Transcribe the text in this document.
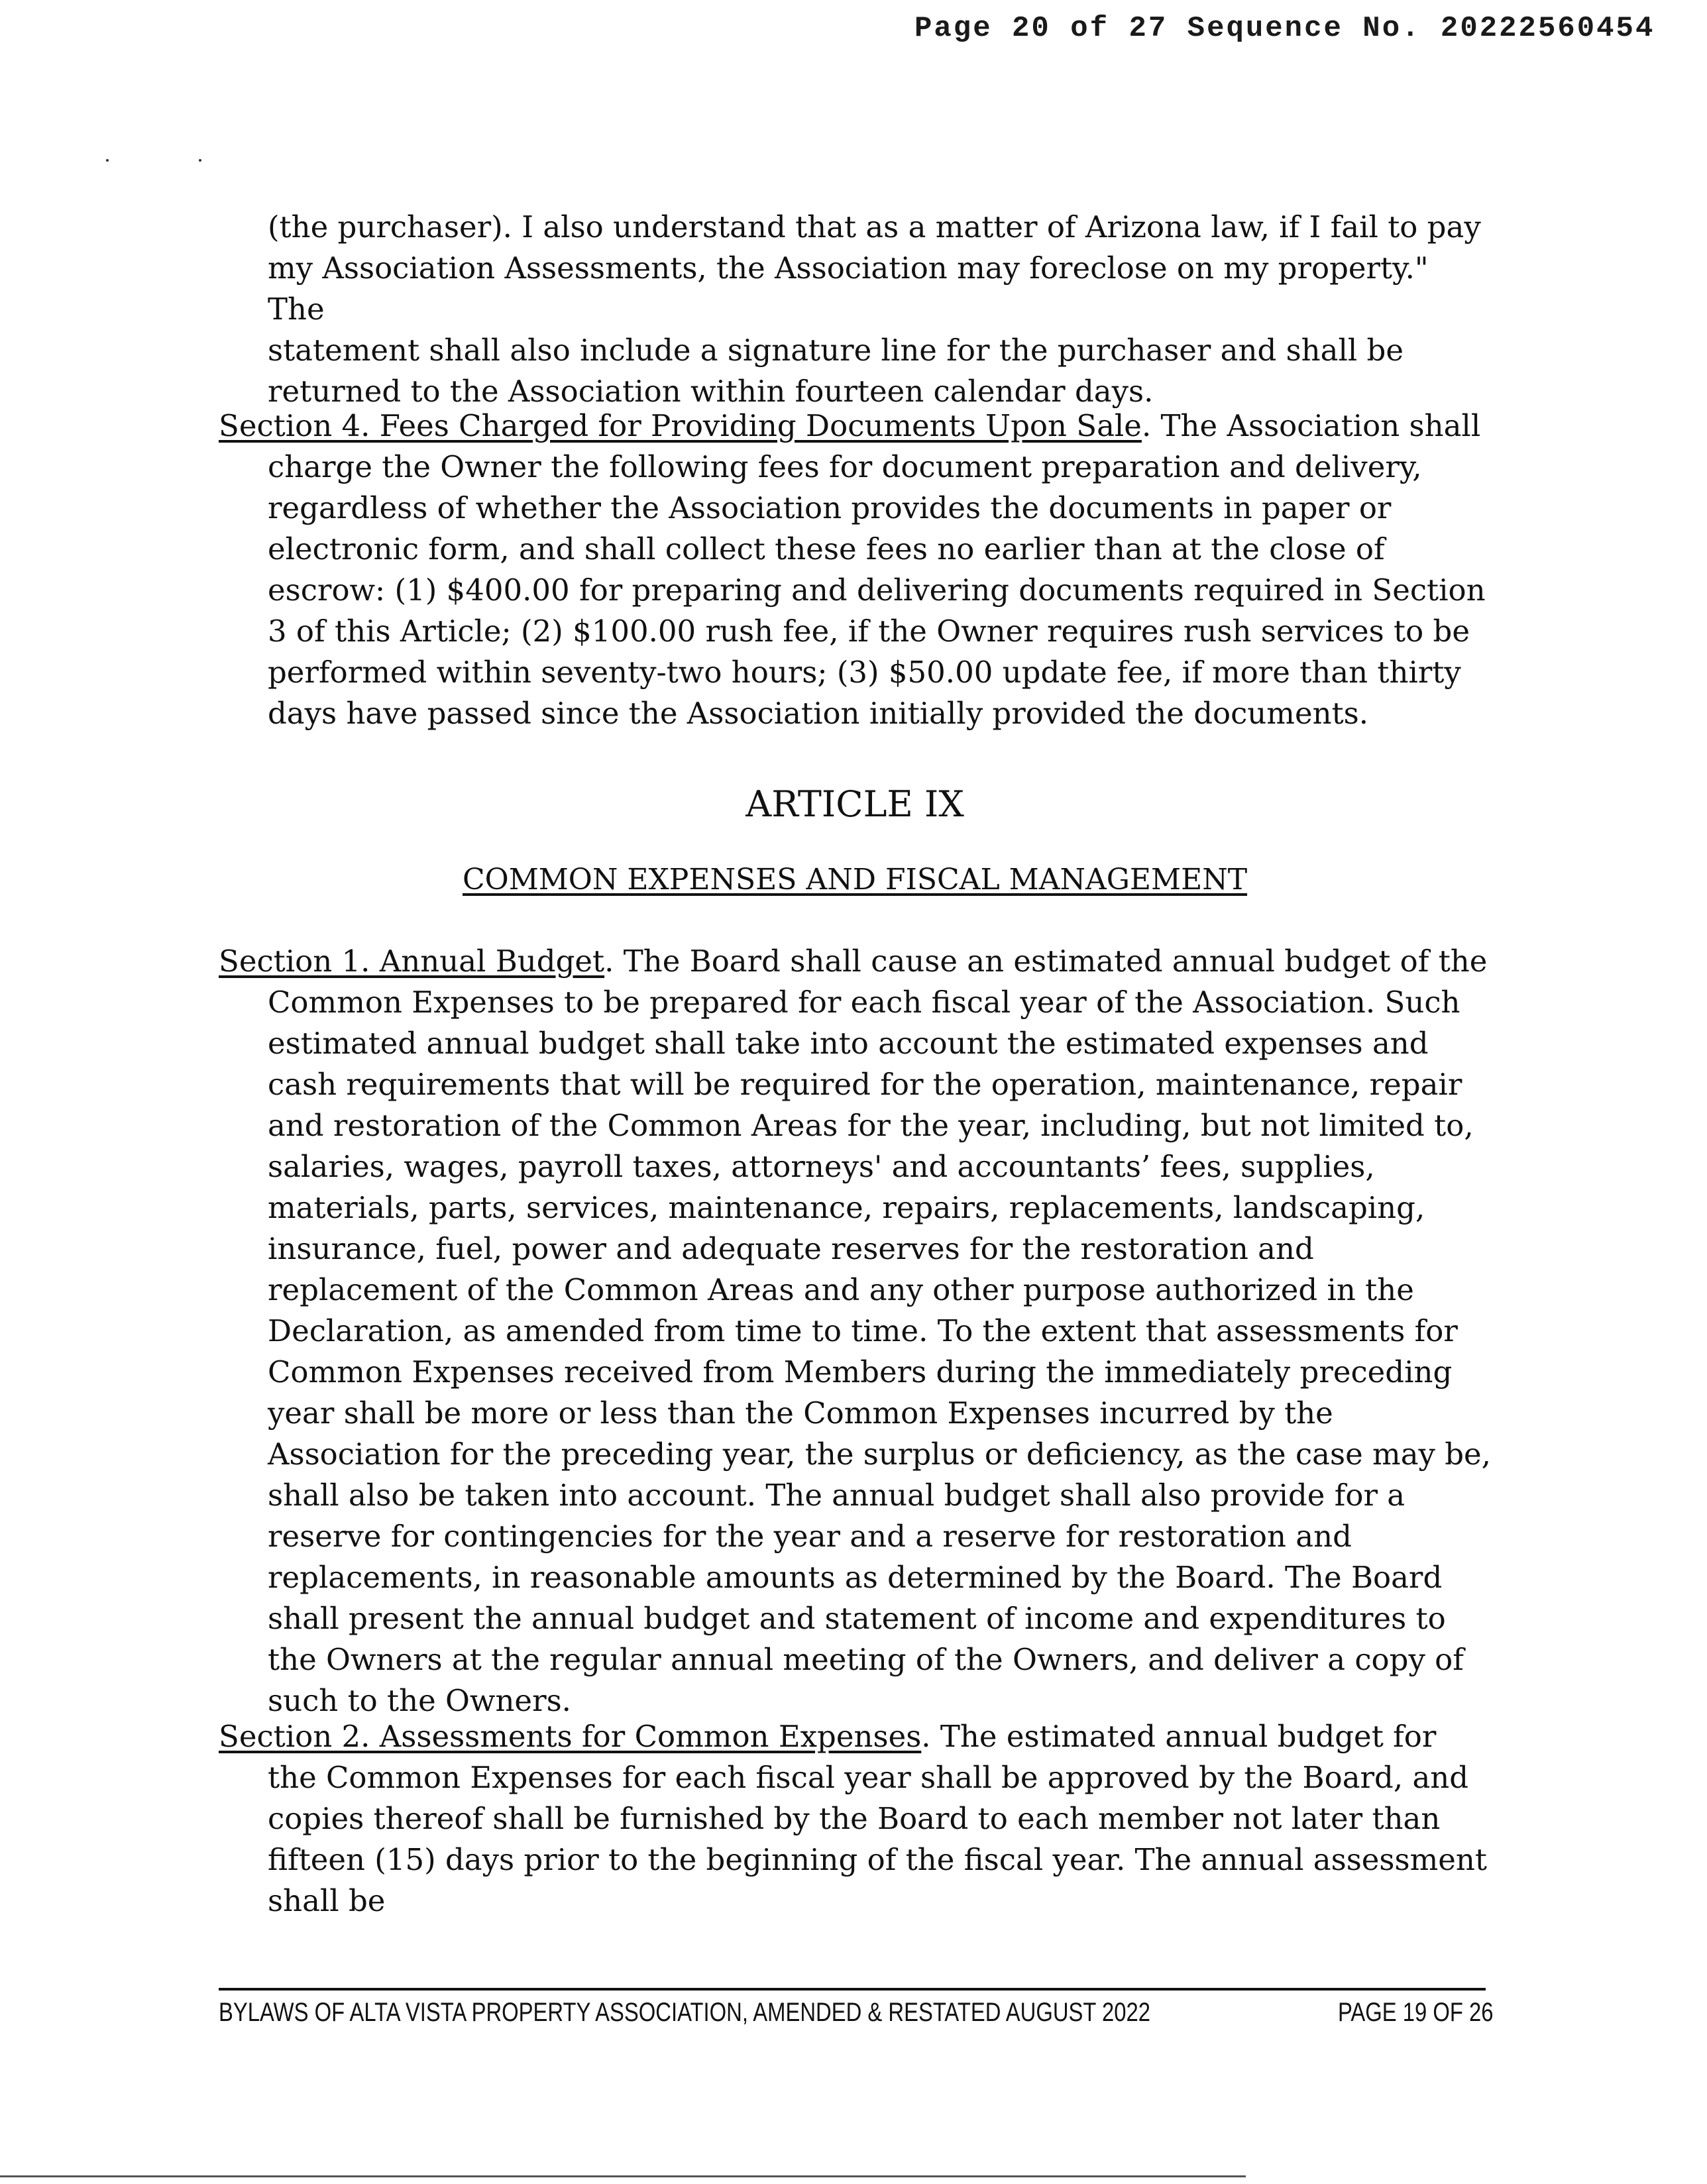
Page 20 of 27 Sequence No. 20222560454
(the purchaser). I also understand that as a matter of Arizona law, if I fail to pay
my Association Assessments, the Association may foreclose on my property." The
statement shall also include a signature line for the purchaser and shall be
returned to the Association within fourteen calendar days.
Section 4. Fees Charged for Providing Documents Upon Sale. The Association shall charge the Owner the following fees for document preparation and delivery, regardless of whether the Association provides the documents in paper or electronic form, and shall collect these fees no earlier than at the close of escrow: (1) $400.00 for preparing and delivering documents required in Section 3 of this Article; (2) $100.00 rush fee, if the Owner requires rush services to be performed within seventy-two hours; (3) $50.00 update fee, if more than thirty days have passed since the Association initially provided the documents.
ARTICLE IX
COMMON EXPENSES AND FISCAL MANAGEMENT
Section 1. Annual Budget. The Board shall cause an estimated annual budget of the Common Expenses to be prepared for each fiscal year of the Association. Such estimated annual budget shall take into account the estimated expenses and cash requirements that will be required for the operation, maintenance, repair and restoration of the Common Areas for the year, including, but not limited to, salaries, wages, payroll taxes, attorneys' and accountants’ fees, supplies, materials, parts, services, maintenance, repairs, replacements, landscaping, insurance, fuel, power and adequate reserves for the restoration and replacement of the Common Areas and any other purpose authorized in the Declaration, as amended from time to time. To the extent that assessments for Common Expenses received from Members during the immediately preceding year shall be more or less than the Common Expenses incurred by the Association for the preceding year, the surplus or deficiency, as the case may be, shall also be taken into account. The annual budget shall also provide for a reserve for contingencies for the year and a reserve for restoration and replacements, in reasonable amounts as determined by the Board. The Board shall present the annual budget and statement of income and expenditures to the Owners at the regular annual meeting of the Owners, and deliver a copy of such to the Owners.
Section 2. Assessments for Common Expenses. The estimated annual budget for the Common Expenses for each fiscal year shall be approved by the Board, and copies thereof shall be furnished by the Board to each member not later than fifteen (15) days prior to the beginning of the fiscal year. The annual assessment shall be
BYLAWS OF ALTA VISTA PROPERTY ASSOCIATION, AMENDED & RESTATED AUGUST 2022	PAGE 19 OF 26
